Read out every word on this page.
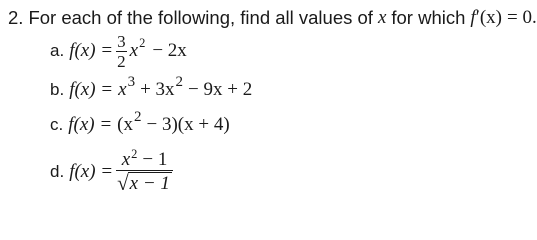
2. For each of the following, find all values of x for which f ′ (x) = 0.
a. $f(x) = \frac{3}{2}$ x 2 − 2x
b. f(x) = x 3 + 3x 2 − 9x + 2
c. f(x) = (x 2 − 3)(x + 4)
d. $f(x) = \frac{x^2 - 1}{√ x - 1}$
